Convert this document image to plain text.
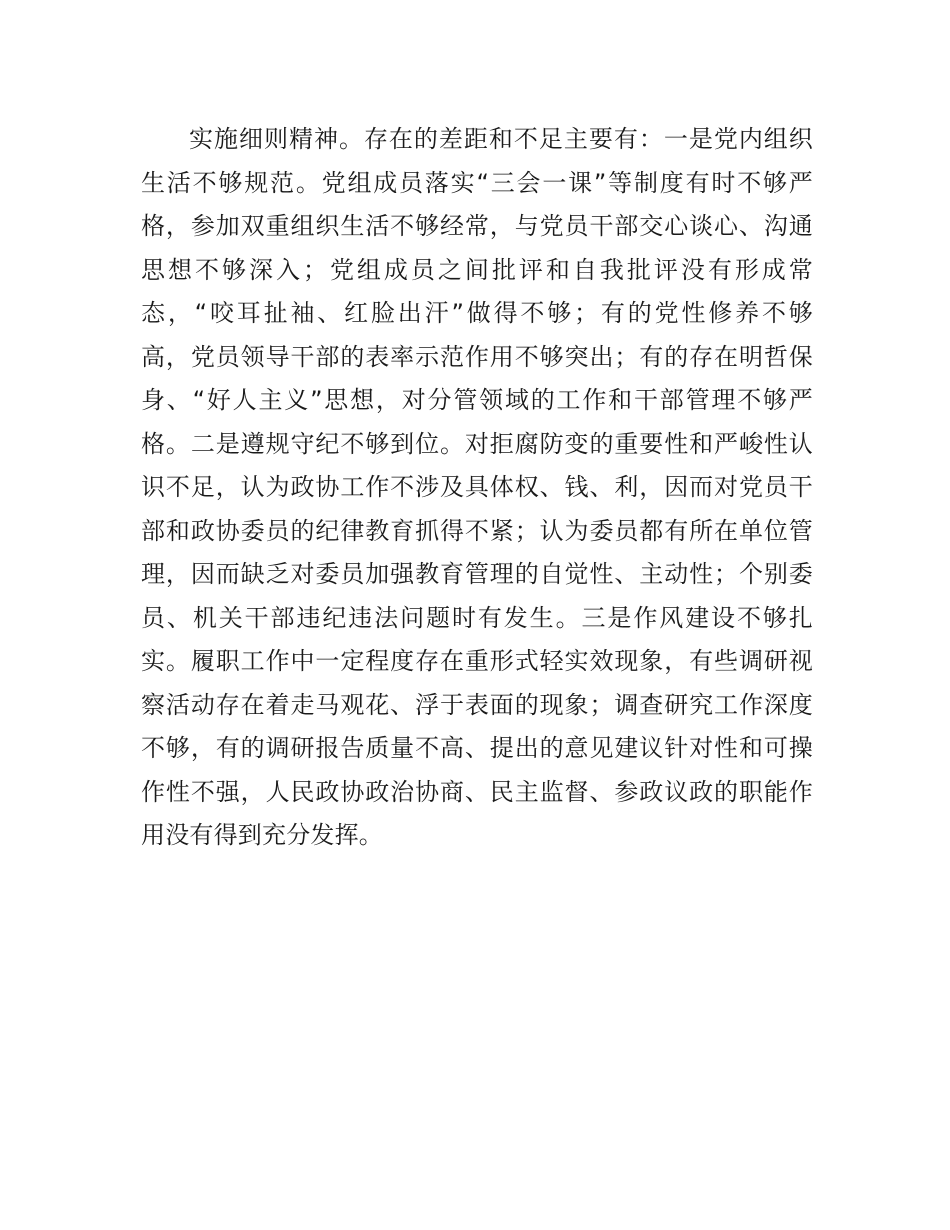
实施细则精神。存在的差距和不足主要有：一是党内组织
生活不够规范。党组成员落实“三会一课”等制度有时不够严
格，参加双重组织生活不够经常，与党员干部交心谈心、沟通
思想不够深入；党组成员之间批评和自我批评没有形成常
态，“咬耳扯袖、红脸出汗”做得不够；有的党性修养不够
高，党员领导干部的表率示范作用不够突出；有的存在明哲保
身、“好人主义”思想，对分管领域的工作和干部管理不够严
格。二是遵规守纪不够到位。对拒腐防变的重要性和严峻性认
识不足，认为政协工作不涉及具体权、钱、利，因而对党员干
部和政协委员的纪律教育抓得不紧；认为委员都有所在单位管
理，因而缺乏对委员加强教育管理的自觉性、主动性；个别委
员、机关干部违纪违法问题时有发生。三是作风建设不够扎
实。履职工作中一定程度存在重形式轻实效现象，有些调研视
察活动存在着走马观花、浮于表面的现象；调查研究工作深度
不够，有的调研报告质量不高、提出的意见建议针对性和可操
作性不强，人民政协政治协商、民主监督、参政议政的职能作
用没有得到充分发挥。
